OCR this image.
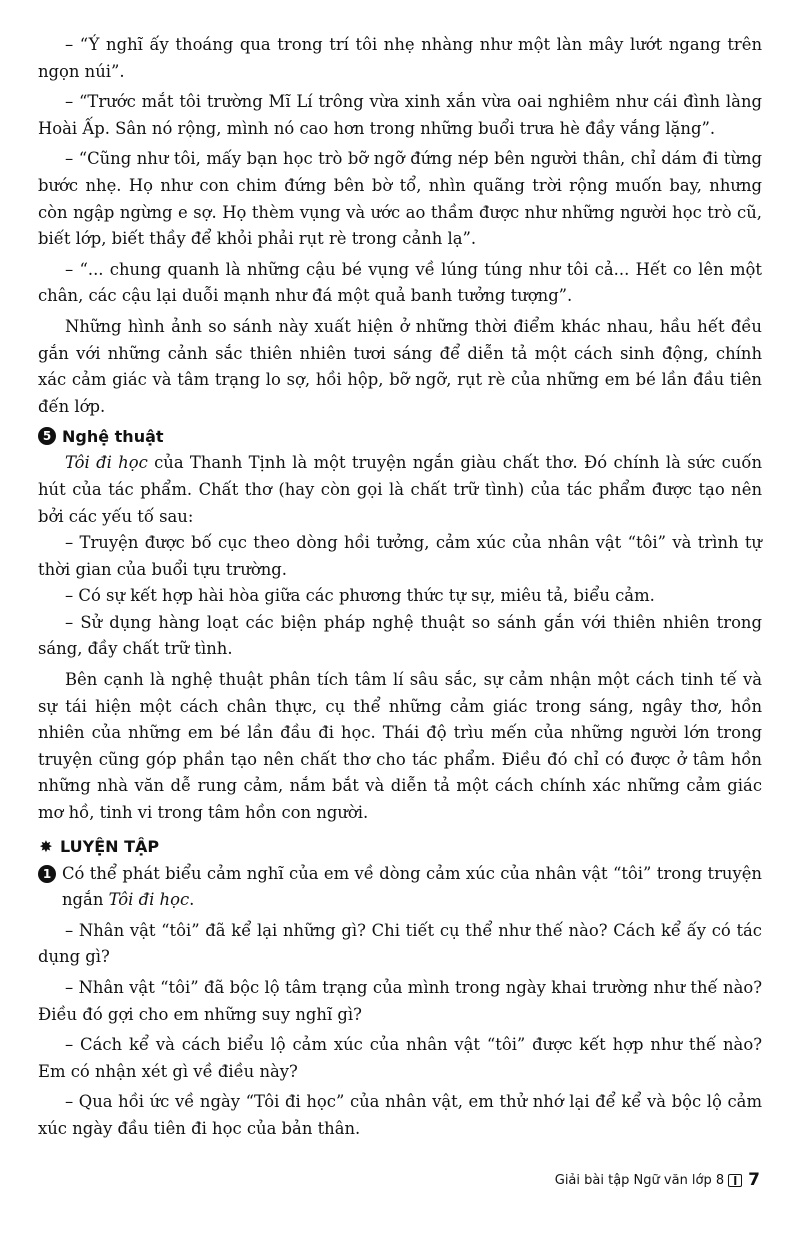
– “Ý nghĩ ấy thoáng qua trong trí tôi nhẹ nhàng như một làn mây lướt ngang trên ngọn núi”.

– “Trước mắt tôi trường Mĩ Lí trông vừa xinh xắn vừa oai nghiêm như cái đình làng Hoài Ấp. Sân nó rộng, mình nó cao hơn trong những buổi trưa hè đầy vắng lặng”.

– “Cũng như tôi, mấy bạn học trò bỡ ngỡ đứng nép bên người thân, chỉ dám đi từng bước nhẹ. Họ như con chim đứng bên bờ tổ, nhìn quãng trời rộng muốn bay, nhưng còn ngập ngừng e sợ. Họ thèm vụng và ước ao thầm được như những người học trò cũ, biết lớp, biết thầy để khỏi phải rụt rè trong cảnh lạ”.

– “... chung quanh là những cậu bé vụng về lúng túng như tôi cả... Hết co lên một chân, các cậu lại duỗi mạnh như đá một quả banh tưởng tượng”.

Những hình ảnh so sánh này xuất hiện ở những thời điểm khác nhau, hầu hết đều gắn với những cảnh sắc thiên nhiên tươi sáng để diễn tả một cách sinh động, chính xác cảm giác và tâm trạng lo sợ, hồi hộp, bỡ ngỡ, rụt rè của những em bé lần đầu tiên đến lớp.

5 Nghệ thuật

Tôi đi học của Thanh Tịnh là một truyện ngắn giàu chất thơ. Đó chính là sức cuốn hút của tác phẩm. Chất thơ (hay còn gọi là chất trữ tình) của tác phẩm được tạo nên bởi các yếu tố sau:

– Truyện được bố cục theo dòng hồi tưởng, cảm xúc của nhân vật “tôi” và trình tự thời gian của buổi tựu trường.

– Có sự kết hợp hài hòa giữa các phương thức tự sự, miêu tả, biểu cảm.

– Sử dụng hàng loạt các biện pháp nghệ thuật so sánh gắn với thiên nhiên trong sáng, đầy chất trữ tình.

Bên cạnh là nghệ thuật phân tích tâm lí sâu sắc, sự cảm nhận một cách tinh tế và sự tái hiện một cách chân thực, cụ thể những cảm giác trong sáng, ngây thơ, hồn nhiên của những em bé lần đầu đi học. Thái độ trìu mến của những người lớn trong truyện cũng góp phần tạo nên chất thơ cho tác phẩm. Điều đó chỉ có được ở tâm hồn những nhà văn dễ rung cảm, nắm bắt và diễn tả một cách chính xác những cảm giác mơ hồ, tinh vi trong tâm hồn con người.

✸ LUYỆN TẬP
1 Có thể phát biểu cảm nghĩ của em về dòng cảm xúc của nhân vật “tôi” trong truyện ngắn Tôi đi học.

– Nhân vật “tôi” đã kể lại những gì? Chi tiết cụ thể như thế nào? Cách kể ấy có tác dụng gì?

– Nhân vật “tôi” đã bộc lộ tâm trạng của mình trong ngày khai trường như thế nào? Điều đó gợi cho em những suy nghĩ gì?

– Cách kể và cách biểu lộ cảm xúc của nhân vật “tôi” được kết hợp như thế nào? Em có nhận xét gì về điều này?

– Qua hồi ức về ngày “Tôi đi học” của nhân vật, em thử nhớ lại để kể và bộc lộ cảm xúc ngày đầu tiên đi học của bản thân.

Giải bài tập Ngữ văn lớp 8 7
